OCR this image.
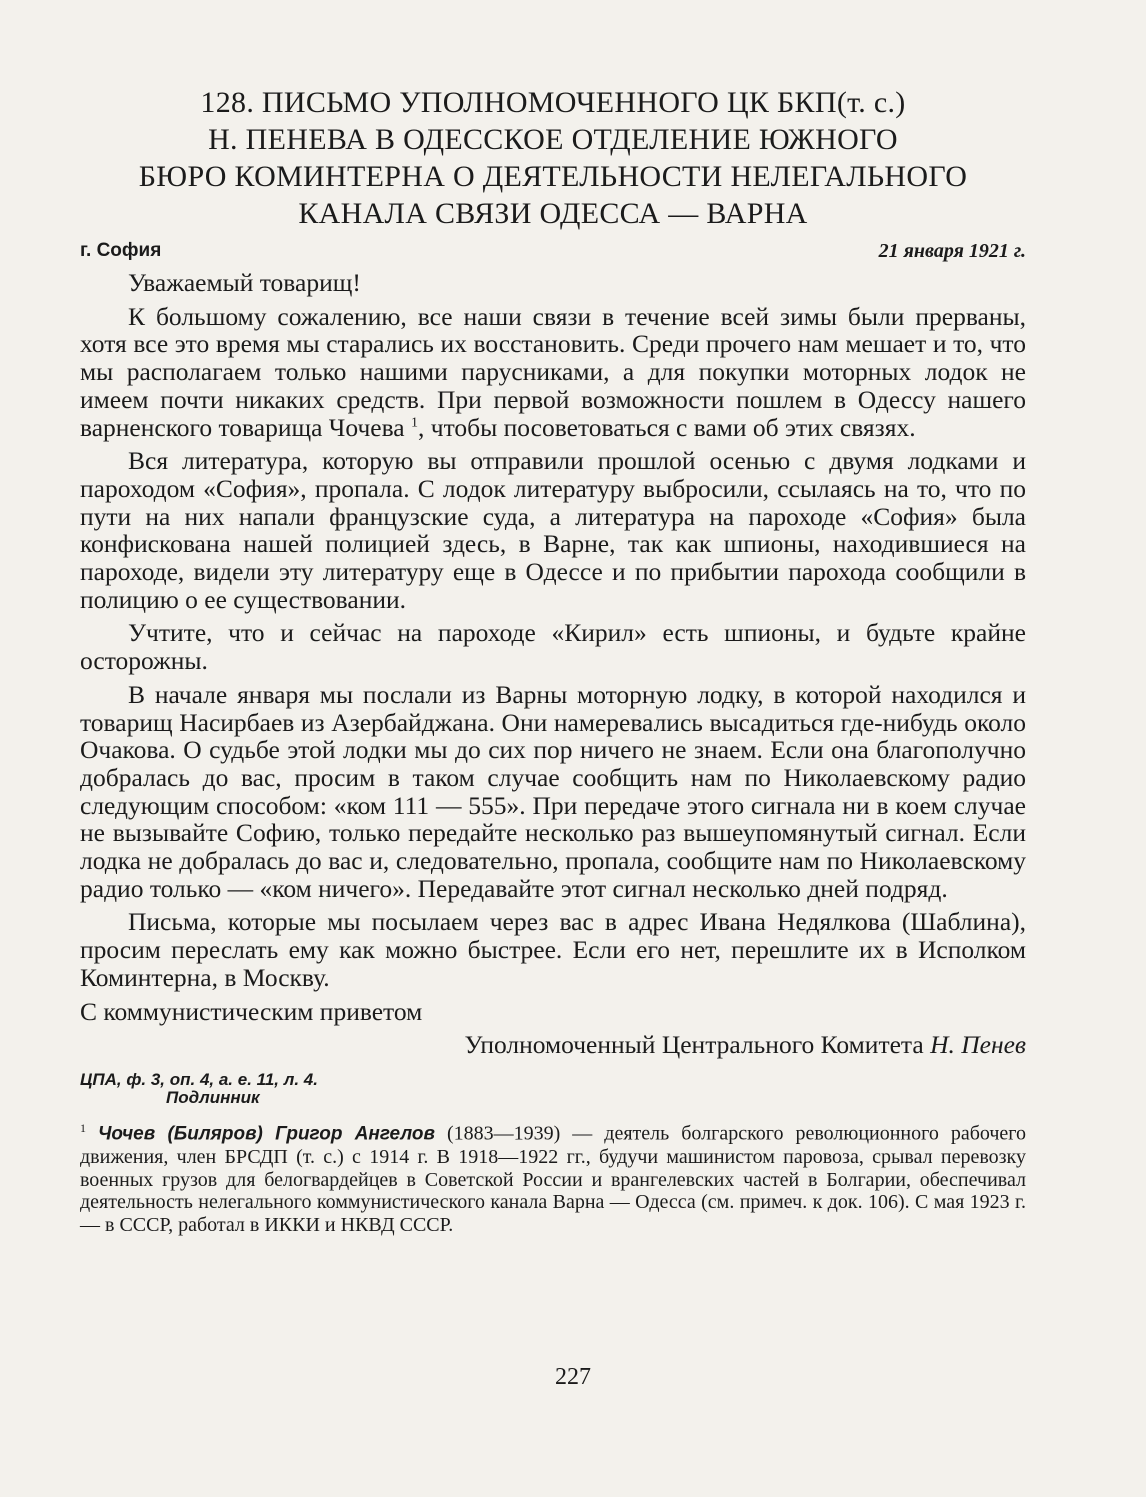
128. ПИСЬМО УПОЛНОМОЧЕННОГО ЦК БКП(т. с.)
Н. ПЕНЕВА В ОДЕССКОЕ ОТДЕЛЕНИЕ ЮЖНОГО
БЮРО КОМИНТЕРНА О ДЕЯТЕЛЬНОСТИ НЕЛЕГАЛЬНОГО
КАНАЛА СВЯЗИ ОДЕССА — ВАРНА
г. София	21 января 1921 г.

Уважаемый товарищ!

К большому сожалению, все наши связи в течение всей зимы были прерваны, хотя все это время мы старались их восстановить. Среди прочего нам мешает и то, что мы располагаем только нашими парусниками, а для покупки моторных лодок не имеем почти никаких средств. При первой возможности пошлем в Одессу нашего варненского товарища Чочева $^1$, чтобы посоветоваться с вами об этих связях.

Вся литература, которую вы отправили прошлой осенью с двумя лодками и пароходом «София», пропала. С лодок литературу выбросили, ссылаясь на то, что по пути на них напали французские суда, а литература на пароходе «София» была конфискована нашей полицией здесь, в Варне, так как шпионы, находившиеся на пароходе, видели эту литературу еще в Одессе и по прибытии парохода сообщили в полицию о ее существовании.

Учтите, что и сейчас на пароходе «Кирил» есть шпионы, и будьте крайне осторожны.

В начале января мы послали из Варны моторную лодку, в которой находился и товарищ Насирбаев из Азербайджана. Они намеревались высадиться где-нибудь около Очакова. О судьбе этой лодки мы до сих пор ничего не знаем. Если она благополучно добралась до вас, просим в таком случае сообщить нам по Николаевскому радио следующим способом: «ком 111 — 555». При передаче этого сигнала ни в коем случае не вызывайте Софию, только передайте несколько раз вышеупомянутый сигнал. Если лодка не добралась до вас и, следовательно, пропала, сообщите нам по Николаевскому радио только — «ком ничего». Передавайте этот сигнал несколько дней подряд.

Письма, которые мы посылаем через вас в адрес Ивана Недялкова (Шаблина), просим переслать ему как можно быстрее. Если его нет, перешлите их в Исполком Коминтерна, в Москву.

С коммунистическим приветом

Уполномоченный Центрального Комитета Н. Пенев
ЦПА, ф. 3, оп. 4, а. е. 11, л. 4.
Подлинник
$^1$ Чочев (Биляров) Григор Ангелов (1883—1939) — деятель болгарского революционного рабочего движения, член БРСДП (т. с.) с 1914 г. В 1918—1922 гг., будучи машинистом паровоза, срывал перевозку военных грузов для белогвардейцев в Советской России и врангелевских частей в Болгарии, обеспечивал деятельность нелегального коммунистического канала Варна — Одесса (см. примеч. к док. 106). С мая 1923 г.— в СССР, работал в ИККИ и НКВД СССР.
227
